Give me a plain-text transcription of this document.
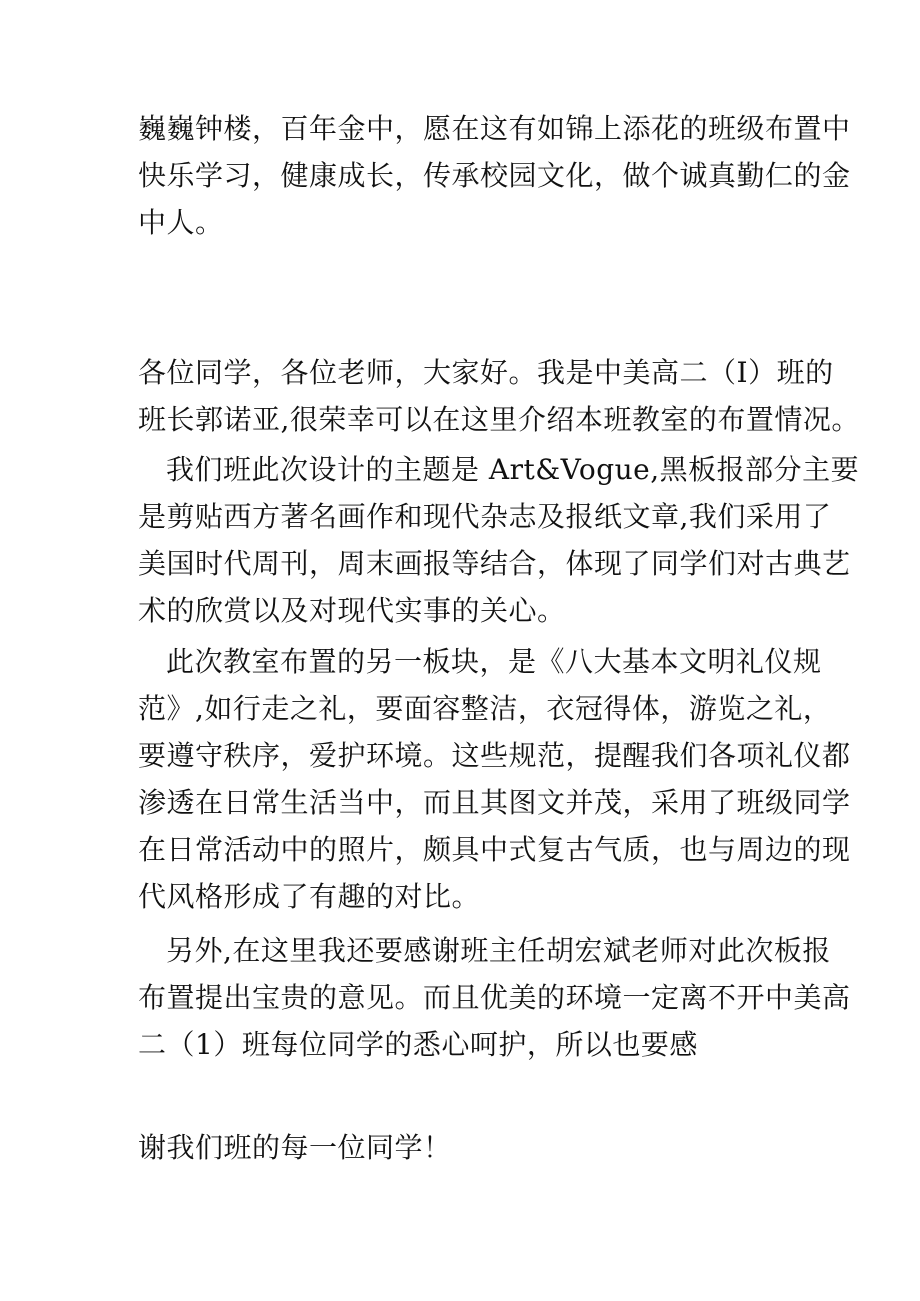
巍巍钟楼，百年金中，愿在这有如锦上添花的班级布置中
快乐学习，健康成长，传承校园文化，做个诚真勤仁的金
中人。
各位同学，各位老师，大家好。我是中美高二（I）班的
班长郭诺亚,很荣幸可以在这里介绍本班教室的布置情况。
我们班此次设计的主题是 Art&Vogue,黑板报部分主要
是剪贴西方著名画作和现代杂志及报纸文章,我们采用了
美国时代周刊，周末画报等结合，体现了同学们对古典艺
术的欣赏以及对现代实事的关心。
此次教室布置的另一板块，是《八大基本文明礼仪规
范》,如行走之礼，要面容整洁，衣冠得体，游览之礼，
要遵守秩序，爱护环境。这些规范，提醒我们各项礼仪都
渗透在日常生活当中，而且其图文并茂，采用了班级同学
在日常活动中的照片，颇具中式复古气质，也与周边的现
代风格形成了有趣的对比。
另外,在这里我还要感谢班主任胡宏斌老师对此次板报
布置提出宝贵的意见。而且优美的环境一定离不开中美高
二（1）班每位同学的悉心呵护，所以也要感
谢我们班的每一位同学！
